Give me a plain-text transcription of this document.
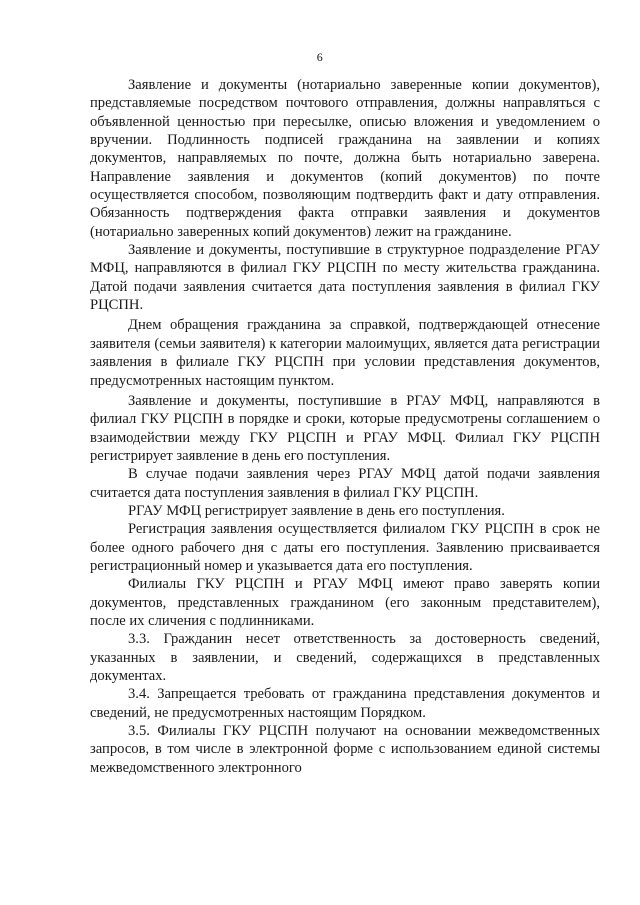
6

Заявление и документы (нотариально заверенные копии документов), представляемые посредством почтового отправления, должны направляться с объявленной ценностью при пересылке, описью вложения и уведомлением о вручении. Подлинность подписей гражданина на заявлении и копиях документов, направляемых по почте, должна быть нотариально заверена. Направление заявления и документов (копий документов) по почте осуществляется способом, позволяющим подтвердить факт и дату отправления. Обязанность подтверждения факта отправки заявления и документов (нотариально заверенных копий документов) лежит на гражданине.

Заявление и документы, поступившие в структурное подразделение РГАУ МФЦ, направляются в филиал ГКУ РЦСПН по месту жительства гражданина. Датой подачи заявления считается дата поступления заявления в филиал ГКУ РЦСПН.

Днем обращения гражданина за справкой, подтверждающей отнесение заявителя (семьи заявителя) к категории малоимущих, является дата регистрации заявления в филиале ГКУ РЦСПН при условии представления документов, предусмотренных настоящим пунктом.

Заявление и документы, поступившие в РГАУ МФЦ, направляются в филиал ГКУ РЦСПН в порядке и сроки, которые предусмотрены соглашением о взаимодействии между ГКУ РЦСПН и РГАУ МФЦ. Филиал ГКУ РЦСПН регистрирует заявление в день его поступления.

В случае подачи заявления через РГАУ МФЦ датой подачи заявления считается дата поступления заявления в филиал ГКУ РЦСПН.

РГАУ МФЦ регистрирует заявление в день его поступления.

Регистрация заявления осуществляется филиалом ГКУ РЦСПН в срок не более одного рабочего дня с даты его поступления. Заявлению присваивается регистрационный номер и указывается дата его поступления.

Филиалы ГКУ РЦСПН и РГАУ МФЦ имеют право заверять копии документов, представленных гражданином (его законным представителем), после их сличения с подлинниками.

3.3. Гражданин несет ответственность за достоверность сведений, указанных в заявлении, и сведений, содержащихся в представленных документах.

3.4. Запрещается требовать от гражданина представления документов и сведений, не предусмотренных настоящим Порядком.

3.5. Филиалы ГКУ РЦСПН получают на основании межведомственных запросов, в том числе в электронной форме с использованием единой системы межведомственного электронного
